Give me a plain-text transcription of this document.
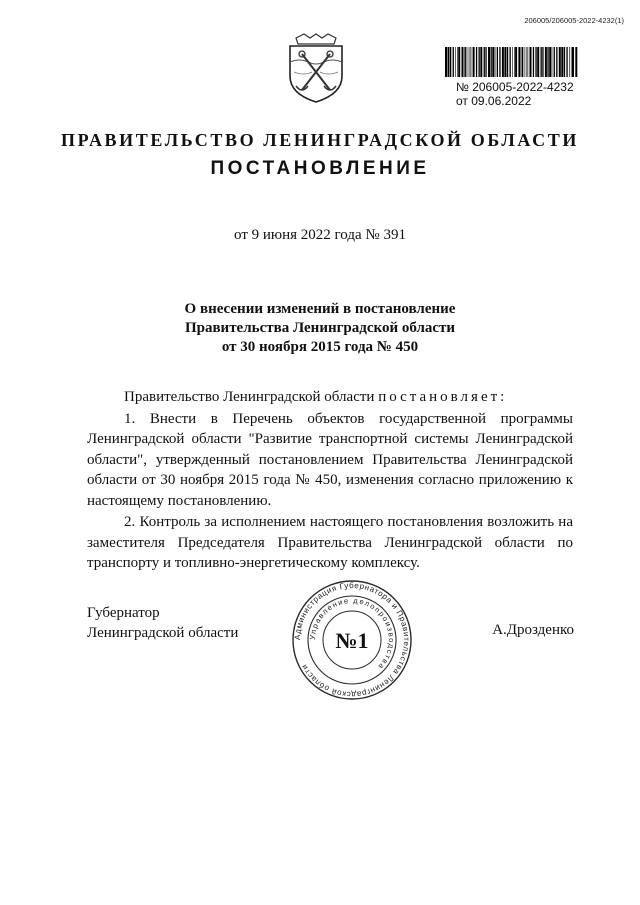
206005/206005-2022-4232(1)
№ 206005-2022-4232
от 09.06.2022
ПРАВИТЕЛЬСТВО ЛЕНИНГРАДСКОЙ ОБЛАСТИ
ПОСТАНОВЛЕНИЕ
от 9 июня 2022 года № 391
О внесении изменений в постановление
Правительства Ленинградской области
от 30 ноября 2015 года № 450

Правительство Ленинградской области постановляет:

1. Внести в Перечень объектов государственной программы Ленинградской области "Развитие транспортной системы Ленинградской области", утвержденный постановлением Правительства Ленинградской области от 30 ноября 2015 года № 450, изменения согласно приложению к настоящему постановлению.

2. Контроль за исполнением настоящего постановления возложить на заместителя Председателя Правительства Ленинградской области по транспорту и топливно-энергетическому комплексу.

Губернатор
Ленинградской области	А.Дрозденко
Администрация Губернатора и Правительства Ленинградской области
Управление делопроизводства
№1
